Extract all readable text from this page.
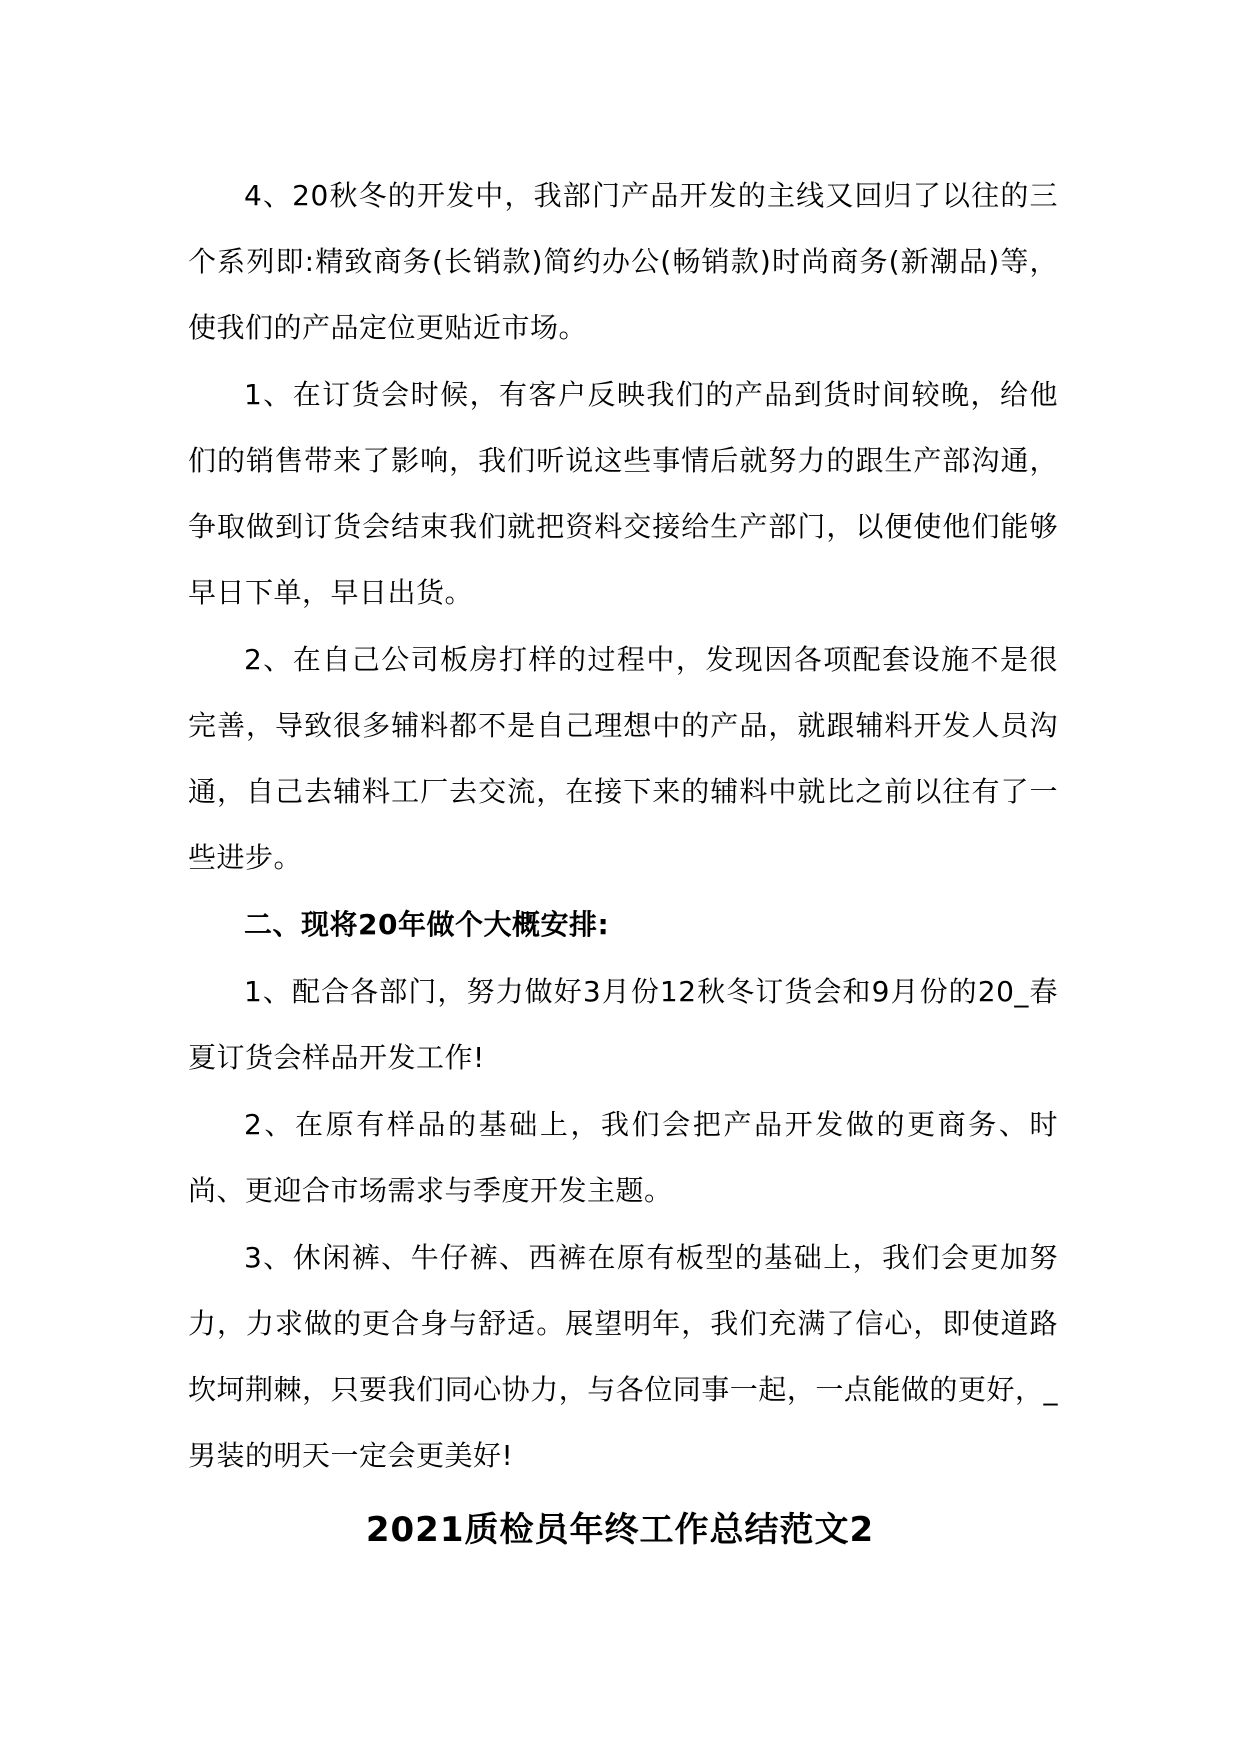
4、20秋冬的开发中，我部门产品开发的主线又回归了以往的三个系列即:精致商务(长销款)简约办公(畅销款)时尚商务(新潮品)等，使我们的产品定位更贴近市场。

1、在订货会时候，有客户反映我们的产品到货时间较晚，给他们的销售带来了影响，我们听说这些事情后就努力的跟生产部沟通，争取做到订货会结束我们就把资料交接给生产部门，以便使他们能够早日下单，早日出货。

2、在自己公司板房打样的过程中，发现因各项配套设施不是很完善，导致很多辅料都不是自己理想中的产品，就跟辅料开发人员沟通，自己去辅料工厂去交流，在接下来的辅料中就比之前以往有了一些进步。

二、现将20年做个大概安排:

1、配合各部门，努力做好3月份12秋冬订货会和9月份的20_春夏订货会样品开发工作!

2、在原有样品的基础上，我们会把产品开发做的更商务、时尚、更迎合市场需求与季度开发主题。

3、休闲裤、牛仔裤、西裤在原有板型的基础上，我们会更加努力，力求做的更合身与舒适。展望明年，我们充满了信心，即使道路坎坷荆棘，只要我们同心协力，与各位同事一起，一点能做的更好，_男装的明天一定会更美好!

2021质检员年终工作总结范文2
